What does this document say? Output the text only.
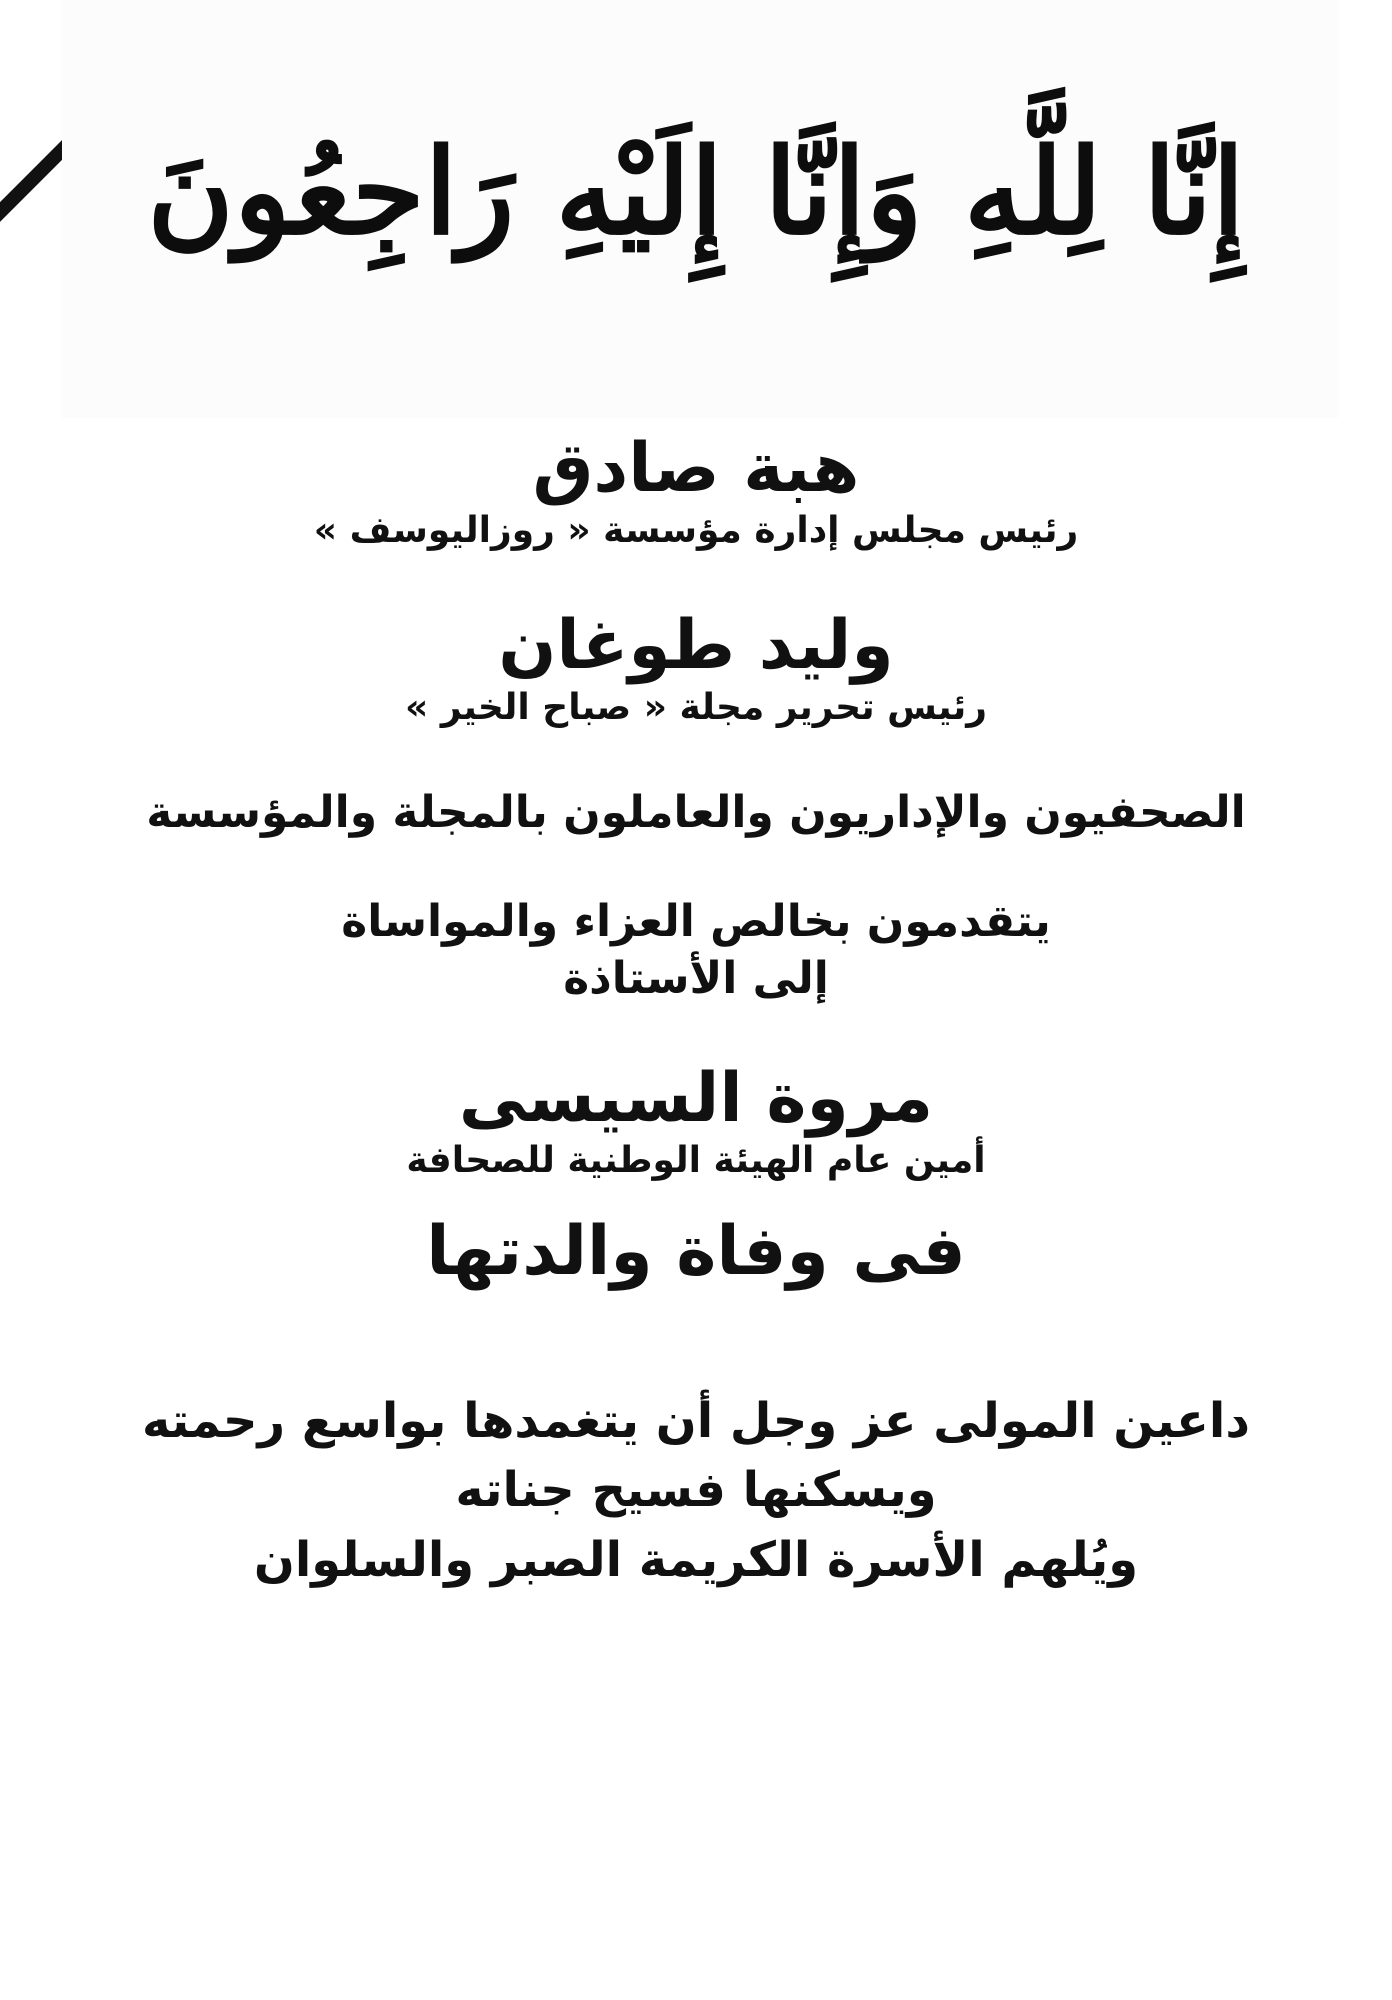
إِنَّا لِلَّهِ وَإِنَّا إِلَيْهِ رَاجِعُونَ
هبة صادق
رئيس مجلس إدارة مؤسسة « روزاليوسف »
وليد طوغان
رئيس تحرير مجلة « صباح الخير »
الصحفيون والإداريون والعاملون بالمجلة والمؤسسة
يتقدمون بخالص العزاء والمواساة
إلى الأستاذة
مروة السيسى
أمين عام الهيئة الوطنية للصحافة
فى وفاة والدتها
داعين المولى عز وجل أن يتغمدها بواسع رحمته
ويسكنها فسيح جناته
ويُلهم الأسرة الكريمة الصبر والسلوان
